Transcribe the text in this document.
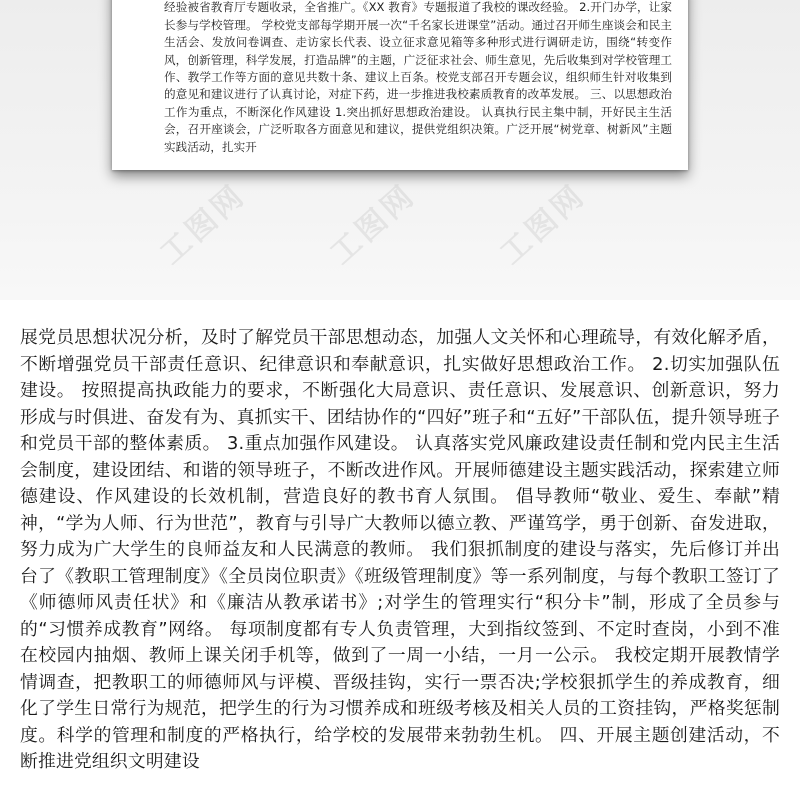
经验被省教育厅专题收录，全省推广。《XX 教育》专题报道了我校的课改经验。 2.开门办学，让家长参与学校管理。 学校党支部每学期开展一次“千名家长进课堂”活动。通过召开师生座谈会和民主生活会、发放问卷调查、走访家长代表、设立征求意见箱等多种形式进行调研走访，围绕“转变作风，创新管理，科学发展，打造品牌”的主题，广泛征求社会、师生意见，先后收集到对学校管理工作、教学工作等方面的意见共数十条、建议上百条。校党支部召开专题会议，组织师生针对收集到的意见和建议进行了认真讨论，对症下药，进一步推进我校素质教育的改革发展。 三、以思想政治工作为重点，不断深化作风建设 1.突出抓好思想政治建设。 认真执行民主集中制，开好民主生活会，召开座谈会，广泛听取各方面意见和建议，提供党组织决策。广泛开展“树党章、树新风”主题实践活动，扎实开

工图网 工图网 工图网

展党员思想状况分析，及时了解党员干部思想动态，加强人文关怀和心理疏导，有效化解矛盾，不断增强党员干部责任意识、纪律意识和奉献意识，扎实做好思想政治工作。 2.切实加强队伍建设。 按照提高执政能力的要求，不断强化大局意识、责任意识、发展意识、创新意识，努力形成与时俱进、奋发有为、真抓实干、团结协作的“四好”班子和“五好”干部队伍，提升领导班子和党员干部的整体素质。 3.重点加强作风建设。 认真落实党风廉政建设责任制和党内民主生活会制度，建设团结、和谐的领导班子，不断改进作风。开展师德建设主题实践活动，探索建立师德建设、作风建设的长效机制，营造良好的教书育人氛围。 倡导教师“敬业、爱生、奉献”精神，“学为人师、行为世范”，教育与引导广大教师以德立教、严谨笃学，勇于创新、奋发进取，努力成为广大学生的良师益友和人民满意的教师。 我们狠抓制度的建设与落实，先后修订并出台了《教职工管理制度》《全员岗位职责》《班级管理制度》等一系列制度，与每个教职工签订了《师德师风责任状》和《廉洁从教承诺书》;对学生的管理实行“积分卡”制，形成了全员参与的“习惯养成教育”网络。 每项制度都有专人负责管理，大到指纹签到、不定时查岗，小到不准在校园内抽烟、教师上课关闭手机等，做到了一周一小结，一月一公示。 我校定期开展教情学情调查，把教职工的师德师风与评模、晋级挂钩，实行一票否决;学校狠抓学生的养成教育，细化了学生日常行为规范，把学生的行为习惯养成和班级考核及相关人员的工资挂钩，严格奖惩制度。科学的管理和制度的严格执行，给学校的发展带来勃勃生机。 四、开展主题创建活动，不断推进党组织文明建设
